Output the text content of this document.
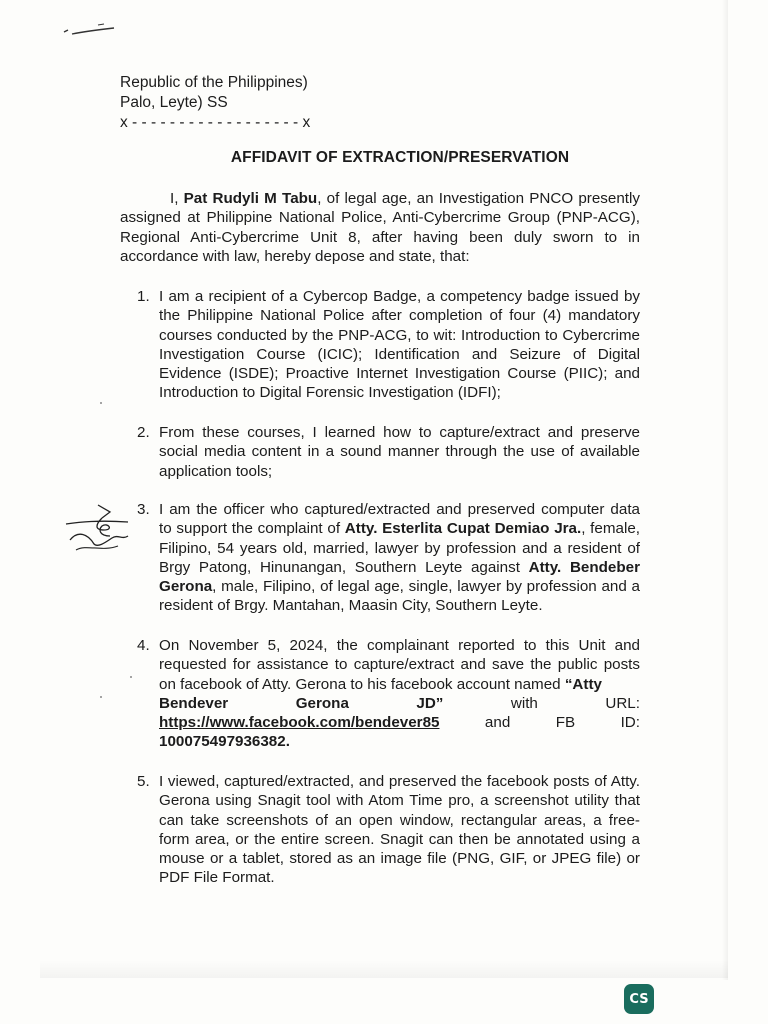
Republic of the Philippines)
Palo, Leyte) SS
x - - - - - - - - - - - - - - - - - - x
AFFIDAVIT OF EXTRACTION/PRESERVATION
I, Pat Rudyli M Tabu, of legal age, an Investigation PNCO presently assigned at Philippine National Police, Anti-Cybercrime Group (PNP-ACG), Regional Anti-Cybercrime Unit 8, after having been duly sworn to in accordance with law, hereby depose and state, that:
1. I am a recipient of a Cybercop Badge, a competency badge issued by the Philippine National Police after completion of four (4) mandatory courses conducted by the PNP-ACG, to wit: Introduction to Cybercrime Investigation Course (ICIC); Identification and Seizure of Digital Evidence (ISDE); Proactive Internet Investigation Course (PIIC); and Introduction to Digital Forensic Investigation (IDFI);
2. From these courses, I learned how to capture/extract and preserve social media content in a sound manner through the use of available application tools;
3. I am the officer who captured/extracted and preserved computer data to support the complaint of Atty. Esterlita Cupat Demiao Jra., female, Filipino, 54 years old, married, lawyer by profession and a resident of Brgy Patong, Hinunangan, Southern Leyte against Atty. Bendeber Gerona, male, Filipino, of legal age, single, lawyer by profession and a resident of Brgy. Mantahan, Maasin City, Southern Leyte.
4. On November 5, 2024, the complainant reported to this Unit and requested for assistance to capture/extract and save the public posts on facebook of Atty. Gerona to his facebook account named “Atty
Bendever	Gerona	JD”	with	URL:
https://www.facebook.com/bendever85	and	FB	ID:
100075497936382.
5. I viewed, captured/extracted, and preserved the facebook posts of Atty. Gerona using Snagit tool with Atom Time pro, a screenshot utility that can take screenshots of an open window, rectangular areas, a free-form area, or the entire screen. Snagit can then be annotated using a mouse or a tablet, stored as an image file (PNG, GIF, or JPEG file) or PDF File Format.
CS
